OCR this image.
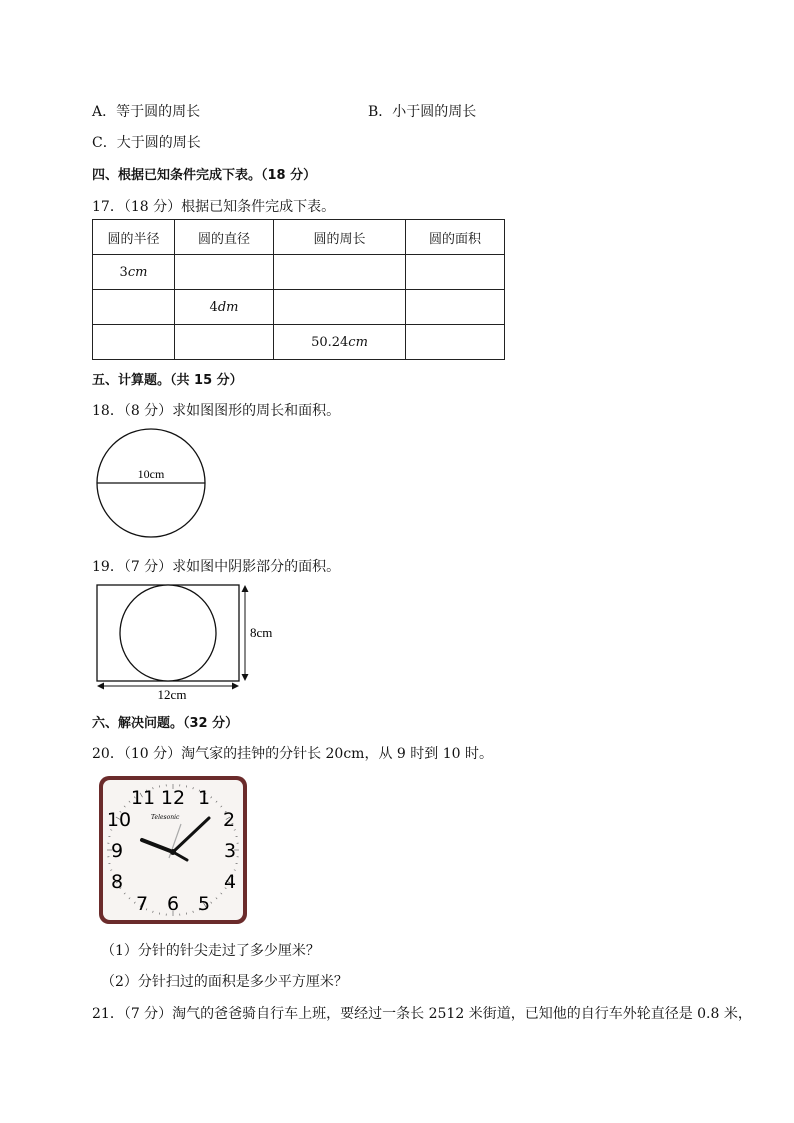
A．等于圆的周长	B．小于圆的周长
C．大于圆的周长
四、根据已知条件完成下表。（18 分）
17．（18 分）根据已知条件完成下表。
圆的半径	圆的直径	圆的周长	圆的面积
3cm			
	4dm		
		50.24cm	
五、计算题。（共 15 分）
18．（8 分）求如图图形的周长和面积。
10cm
19．（7 分）求如图中阴影部分的面积。
8cm
12cm
六、解决问题。（32 分）
20．（10 分）淘气家的挂钟的分针长 20cm，从 9 时到 10 时。
11 12 1
10	2
9	3
8	4
7 6 5
Telesonic
（1）分针的针尖走过了多少厘米？
（2）分针扫过的面积是多少平方厘米？
21．（7 分）淘气的爸爸骑自行车上班，要经过一条长 2512 米街道，已知他的自行车外轮直径是 0.8 米，
